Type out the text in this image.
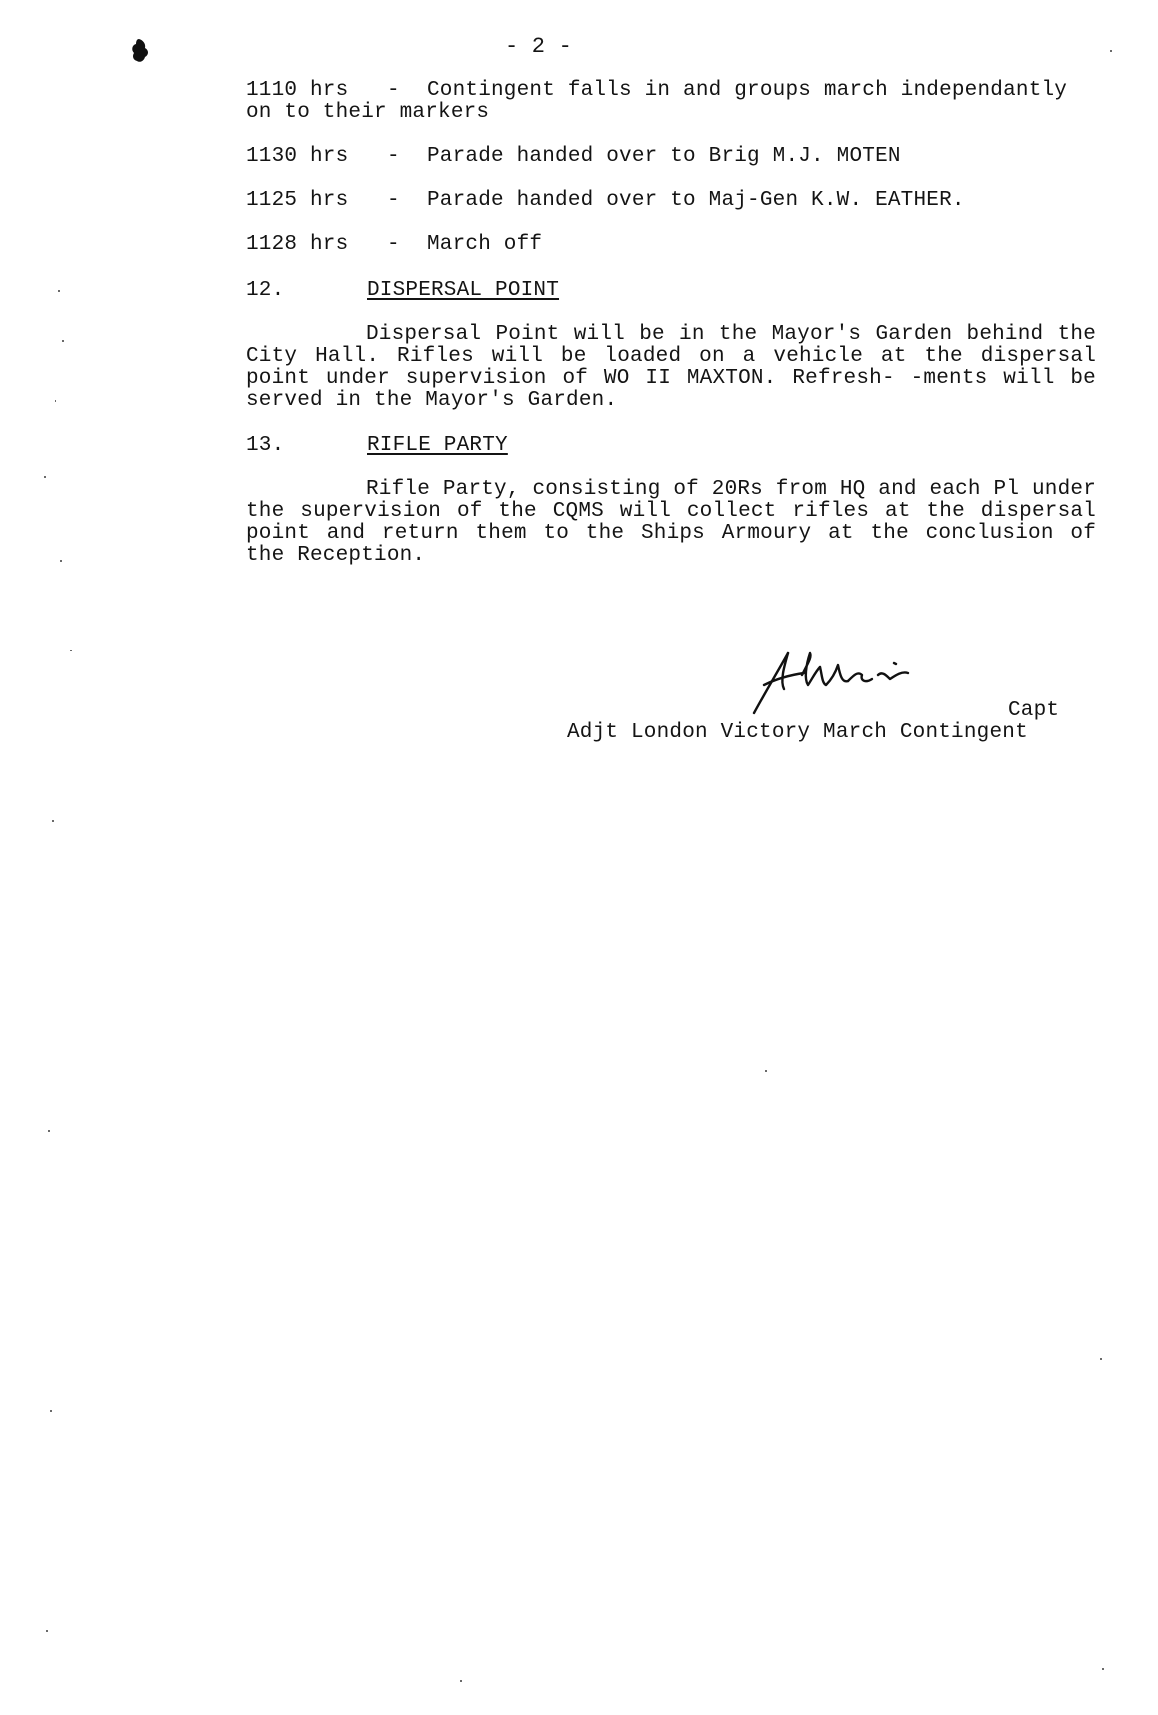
- 2 -
1110 hrs - Contingent falls in and groups march independantly
on to their markers
1130 hrs - Parade handed over to Brig M.J. MOTEN
1125 hrs - Parade handed over to Maj-Gen K.W. EATHER.
1128 hrs - March off
12.	DISPERSAL POINT
Dispersal Point will be in the Mayor's Garden behind the City Hall. Rifles will be loaded on a vehicle at the dispersal point under supervision of WO II MAXTON. Refresh- -ments will be served in the Mayor's Garden.
13.	RIFLE PARTY
Rifle Party, consisting of 20Rs from HQ and each Pl under the supervision of the CQMS will collect rifles at the dispersal point and return them to the Ships Armoury at the conclusion of the Reception.
Capt
Adjt London Victory March Contingent
